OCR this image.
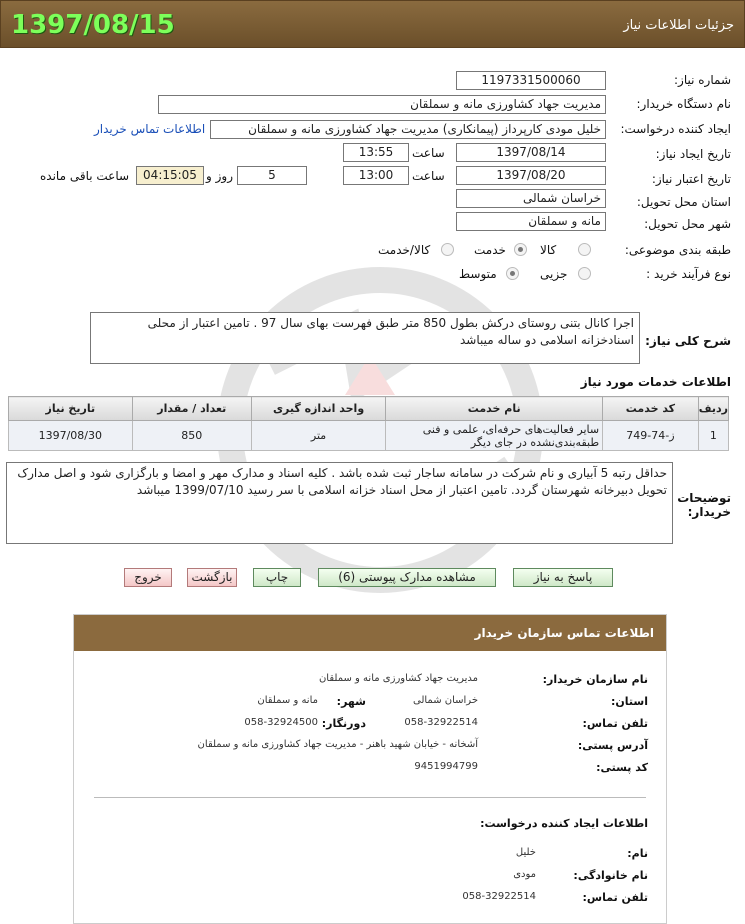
جزئیات اطلاعات نیاز
1397/08/15
شماره نیاز:
1197331500060
نام دستگاه خریدار:
مدیریت جهاد کشاورزی مانه و سملقان
ایجاد کننده درخواست:
خلیل مودی کارپرداز (پیمانکاری) مدیریت جهاد کشاورزی مانه و سملقان
اطلاعات تماس خریدار
تاریخ ایجاد نیاز:
1397/08/14
ساعت
13:55
تاریخ اعتبار نیاز:
1397/08/20
ساعت
13:00
5
روز و
04:15:05
ساعت باقی مانده
استان محل تحویل:
خراسان شمالی
شهر محل تحویل:
مانه و سملقان
طبقه بندی موضوعی:
کالا
خدمت
کالا/خدمت
نوع فرآیند خرید :
جزیی
متوسط
شرح کلی نیاز:
اجرا کانال بتنی روستای درکش بطول 850 متر طبق فهرست بهای سال 97 . تامین اعتبار از محلی اسنادخزانه اسلامی دو ساله میباشد
اطلاعات خدمات مورد نیاز
ردیف	کد خدمت	نام خدمت	واحد اندازه گیری	تعداد / مقدار	تاریخ نیاز
1	ز-74-749	سایر فعالیت‌های حرفه‌ای، علمی و فنی طبقه‌بندی‌نشده در جای دیگر	متر	850	1397/08/30
توضیحات خریدار:
حداقل رتبه 5 آبیاری و نام شرکت در سامانه ساجار ثبت شده باشد . کلیه اسناد و مدارک مهر و امضا و بارگزاری شود و اصل مدارک تحویل دبیرخانه شهرستان گردد. تامین اعتبار از محل اسناد خزانه اسلامی با سر رسید 1399/07/10 میباشد
پاسخ به نیاز
مشاهده مدارک پیوستی (6)
چاپ
بازگشت
خروج
اطلاعات تماس سازمان خریدار
نام سازمان خریدار:
مدیریت جهاد کشاورزی مانه و سملقان
استان:
خراسان شمالی
شهر:
مانه و سملقان
تلفن تماس:
058-32922514
دورنگار:
058-32924500
آدرس پستی:
آشخانه - خیابان شهید باهنر - مدیریت جهاد کشاورزی مانه و سملقان
کد پستی:
9451994799
اطلاعات ایجاد کننده درخواست:
نام:
خلیل
نام خانوادگی:
مودی
تلفن تماس:
058-32922514
